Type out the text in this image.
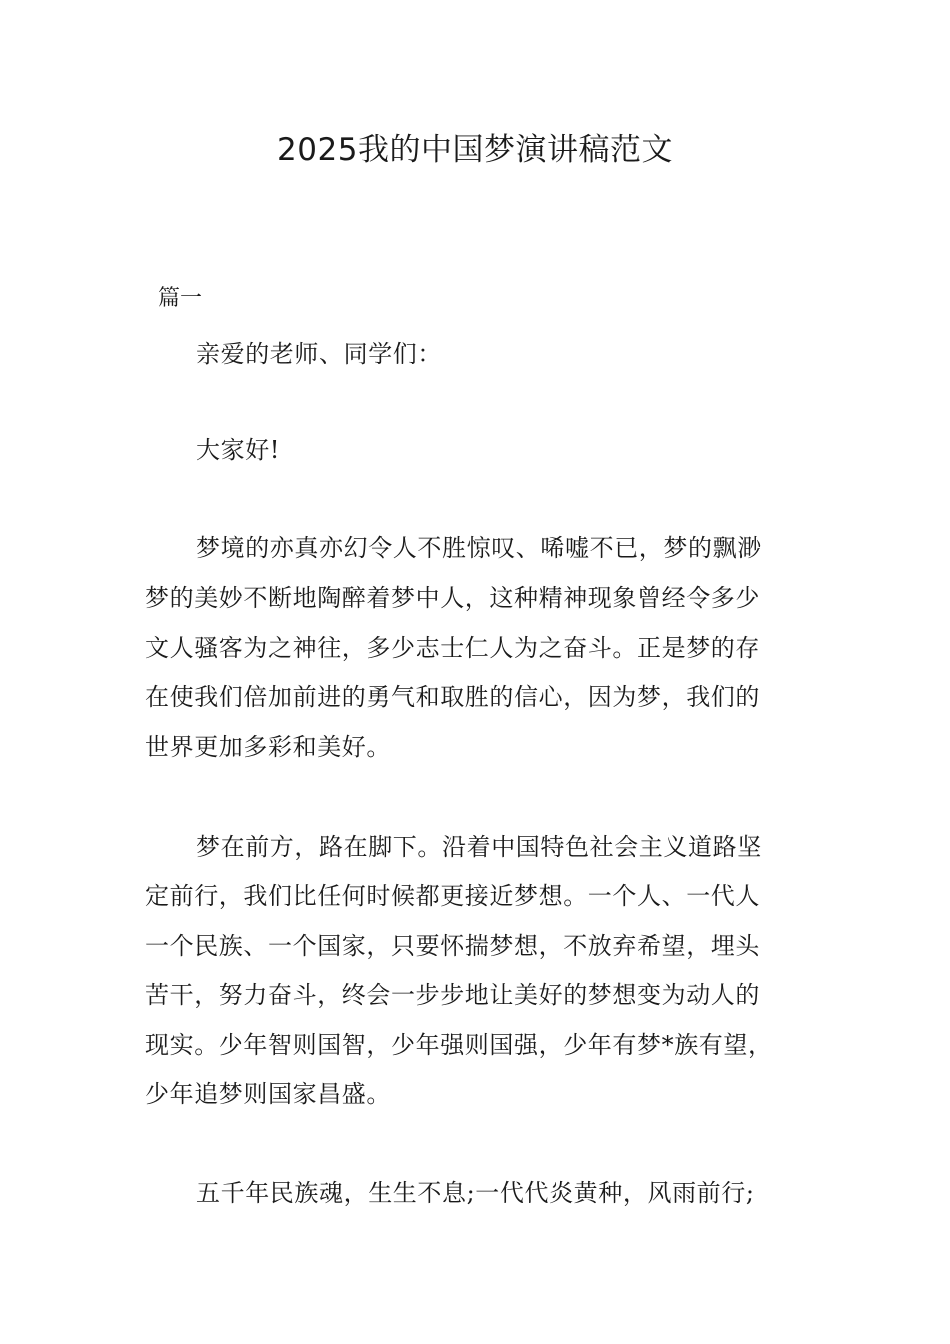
2025我的中国梦演讲稿范文
篇一
亲爱的老师、同学们：
大家好!
梦境的亦真亦幻令人不胜惊叹、唏嘘不已，梦的飘渺
梦的美妙不断地陶醉着梦中人，这种精神现象曾经令多少
文人骚客为之神往，多少志士仁人为之奋斗。正是梦的存
在使我们倍加前进的勇气和取胜的信心，因为梦，我们的
世界更加多彩和美好。
梦在前方，路在脚下。沿着中国特色社会主义道路坚
定前行，我们比任何时候都更接近梦想。一个人、一代人
一个民族、一个国家，只要怀揣梦想，不放弃希望，埋头
苦干，努力奋斗，终会一步步地让美好的梦想变为动人的
现实。少年智则国智，少年强则国强，少年有梦*族有望，
少年追梦则国家昌盛。
五千年民族魂，生生不息;一代代炎黄种，风雨前行;
